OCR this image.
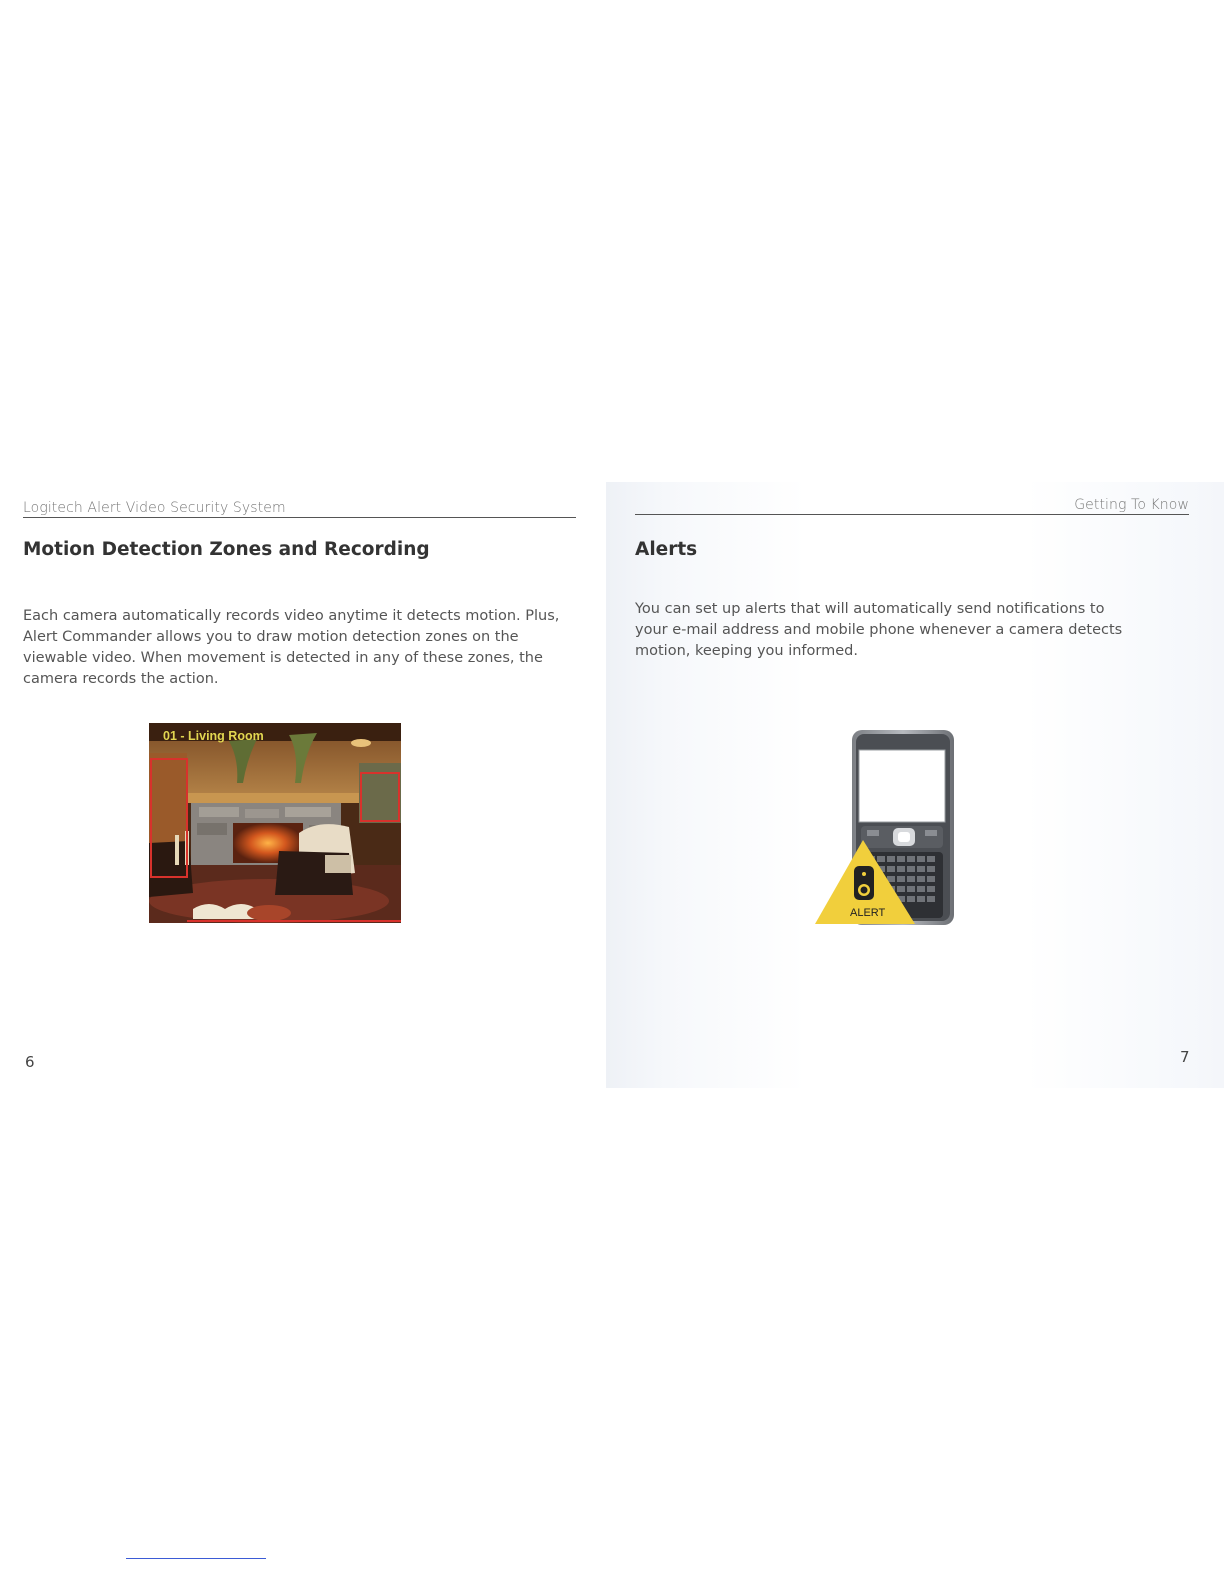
Logitech Alert Video Security System
Motion Detection Zones and Recording

Each camera automatically records video anytime it detects motion. Plus, Alert Commander allows you to draw motion detection zones on the viewable video. When movement is detected in any of these zones, the camera records the action.

01 - Living Room
6
Getting To Know
Alerts

You can set up alerts that will automatically send notifications to your e-mail address and mobile phone whenever a camera detects motion, keeping you informed.

ALERT
7
